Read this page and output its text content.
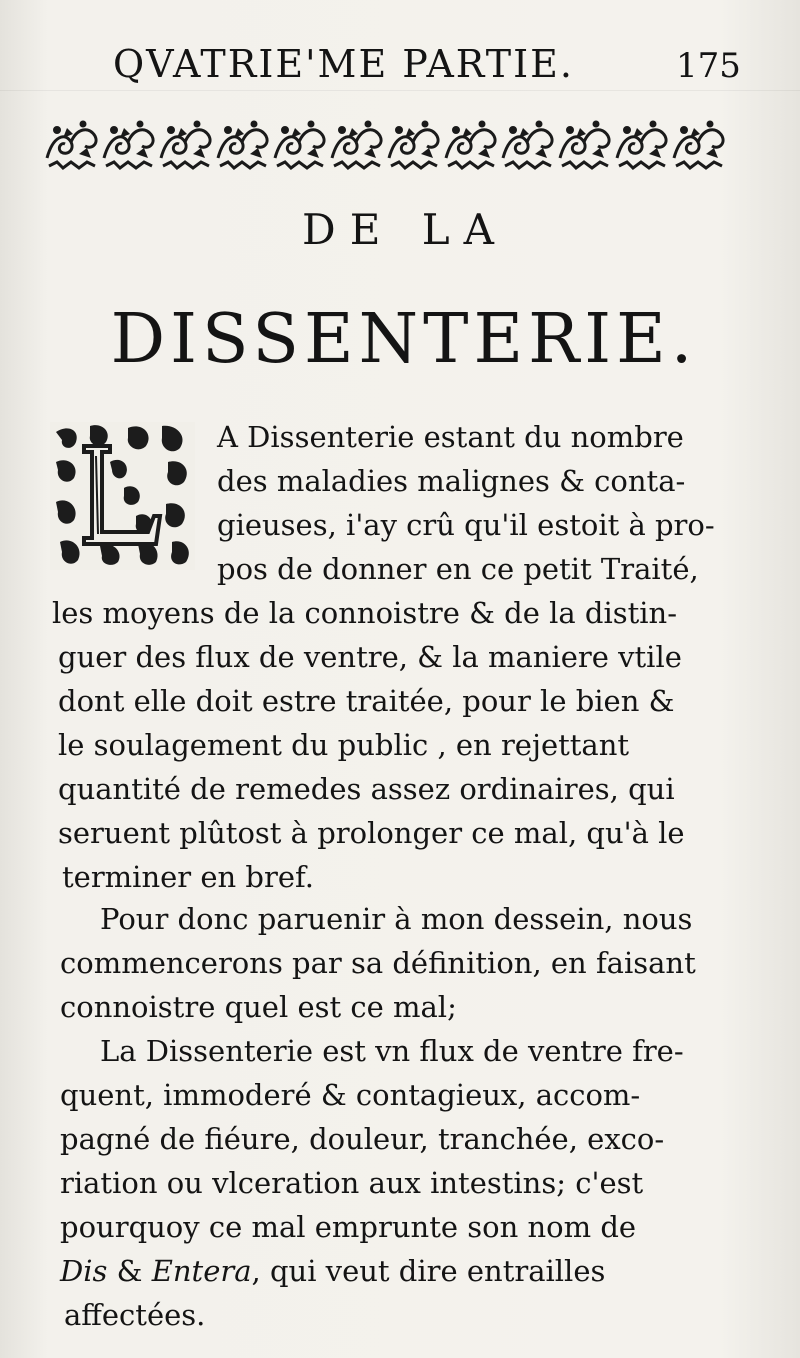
QVATRIE'ME PARTIE.	175
DE LA
DISSENTERIE.
A Dissenterie estant du nombre
des maladies malignes & conta-
gieuses, i'ay crû qu'il estoit à pro-
pos de donner en ce petit Traité,
les moyens de la connoistre & de la distin-
guer des flux de ventre, & la maniere vtile
dont elle doit estre traitée, pour le bien &
le soulagement du public , en rejettant
quantité de remedes assez ordinaires, qui
seruent plûtost à prolonger ce mal, qu'à le
terminer en bref.
Pour donc paruenir à mon dessein, nous
commencerons par sa définition, en faisant
connoistre quel est ce mal;
La Dissenterie est vn flux de ventre fre-
quent, immoderé & contagieux, accom-
pagné de fiéure, douleur, tranchée, exco-
riation ou vlceration aux intestins; c'est
pourquoy ce mal emprunte son nom de
Dis & Entera, qui veut dire entrailles
affectées.
